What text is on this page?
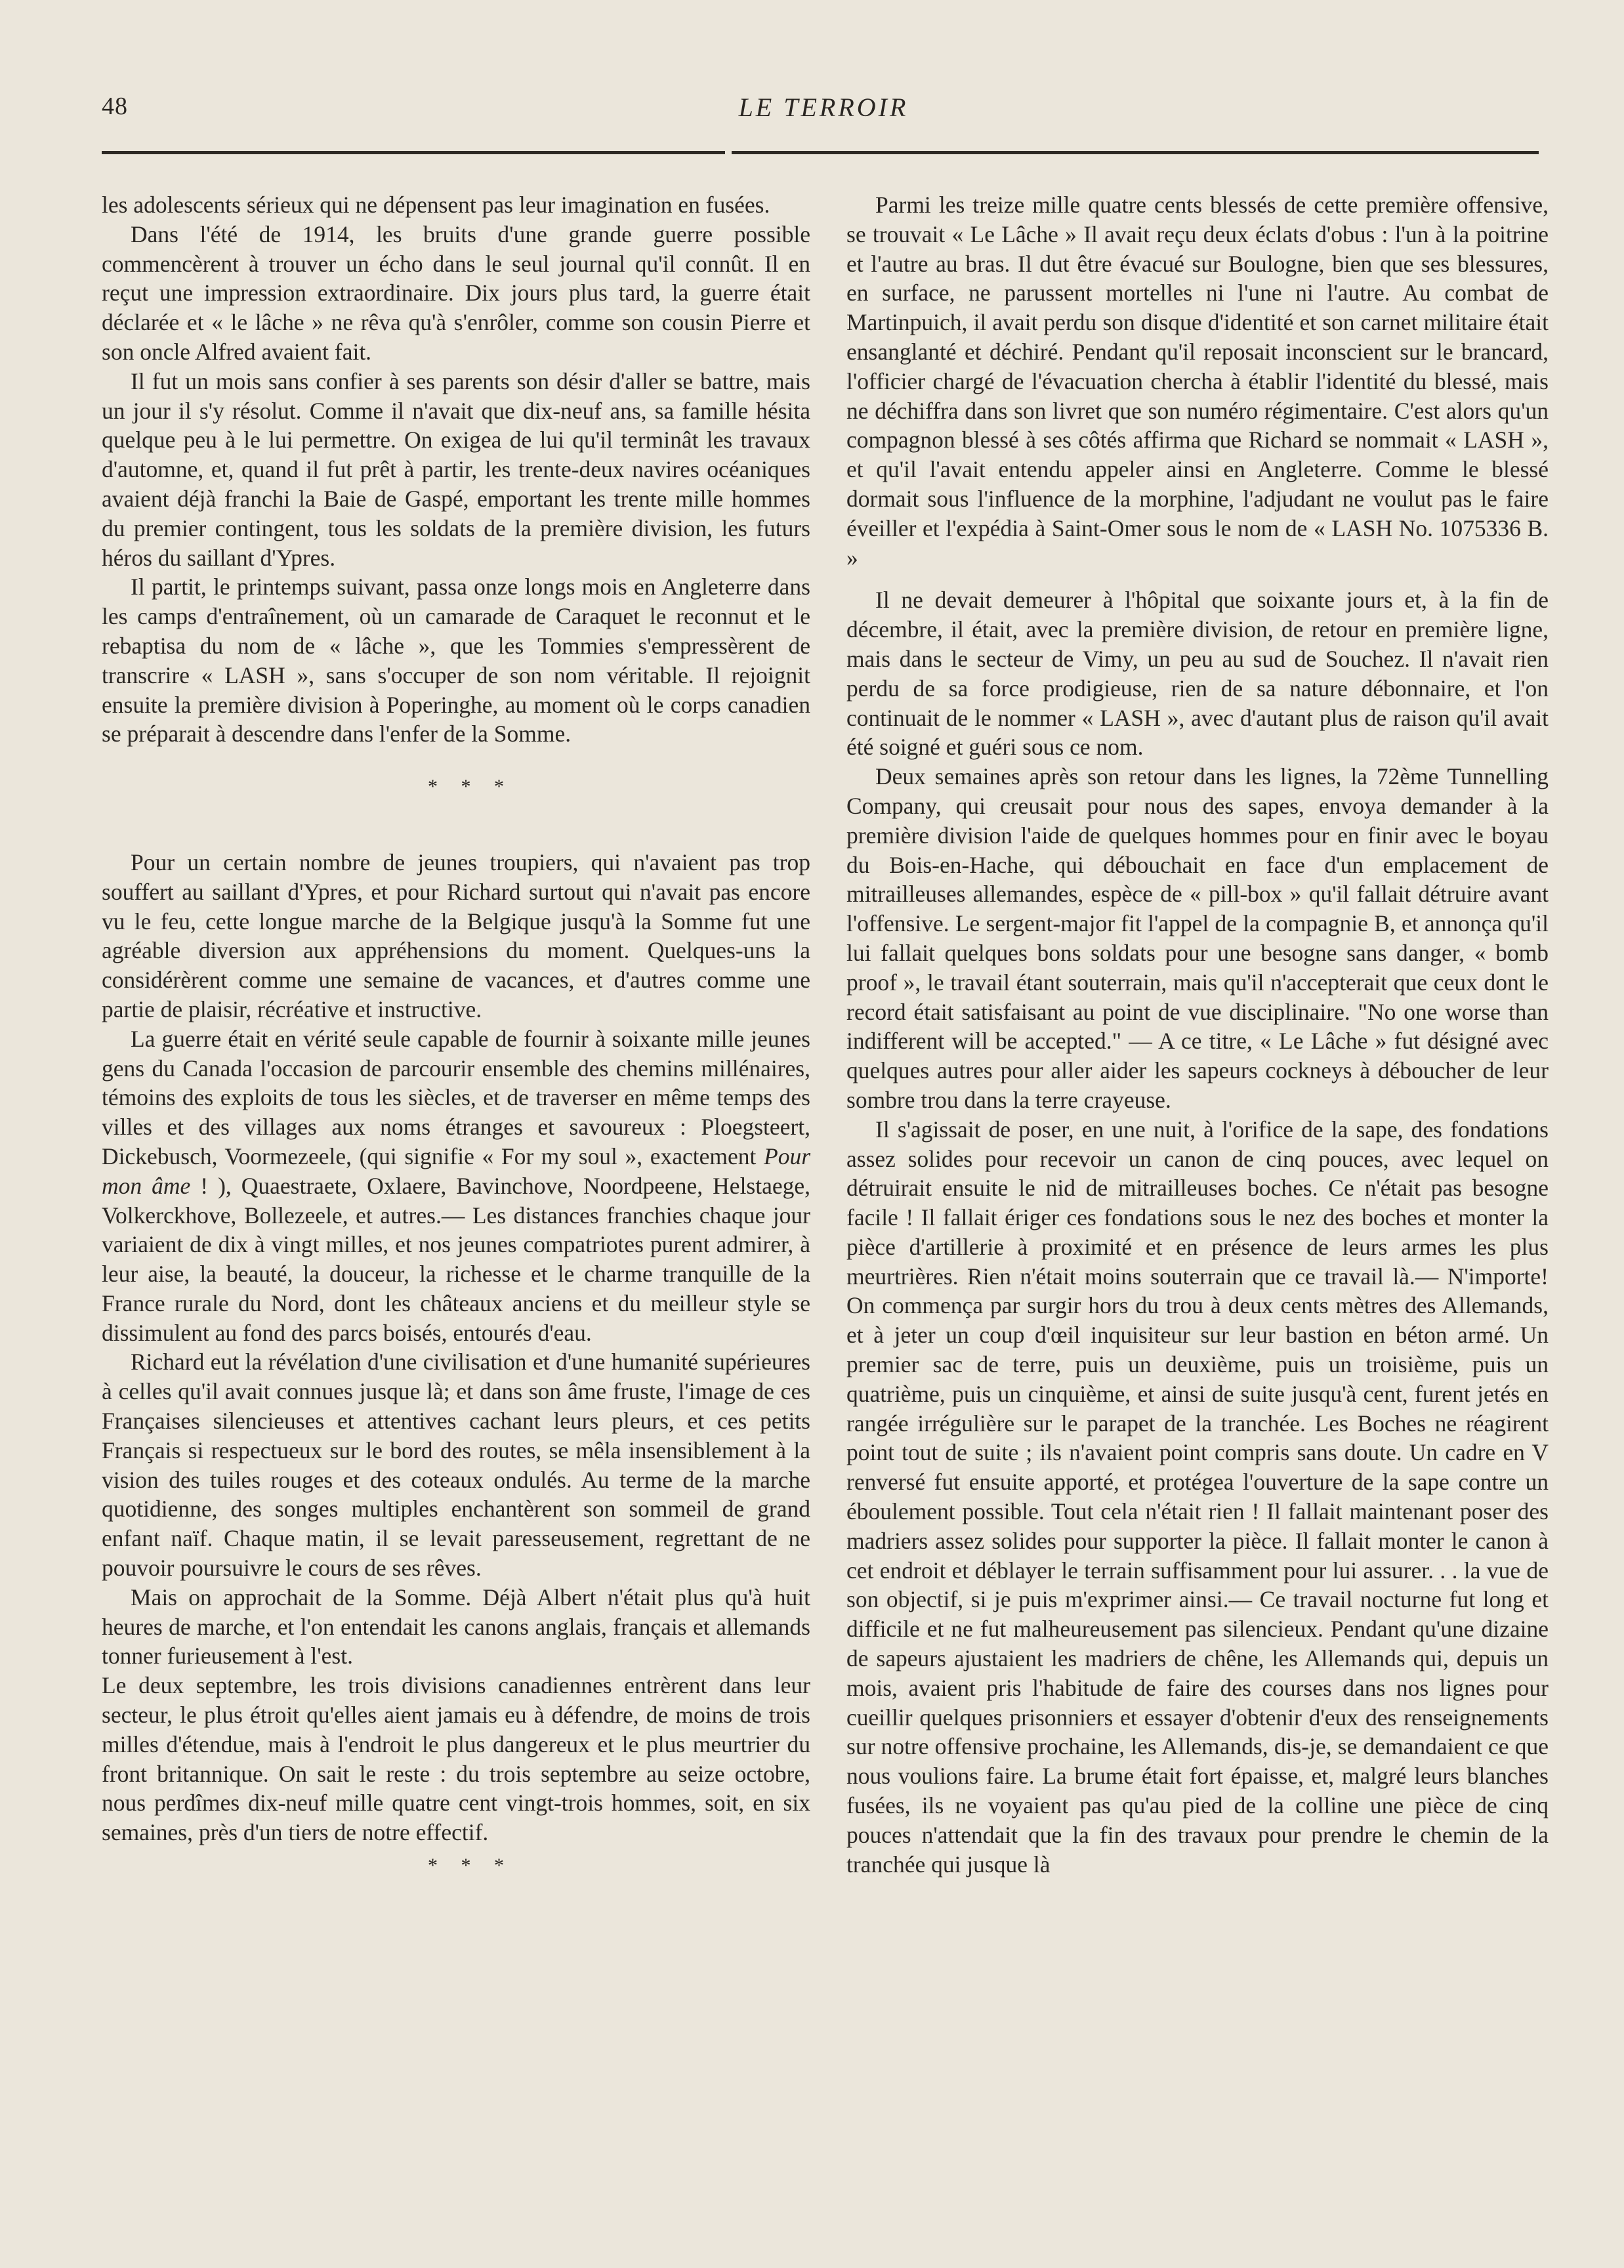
48	LE TERROIR

les adolescents sérieux qui ne dépensent pas leur imagination en fusées.

Dans l'été de 1914, les bruits d'une grande guerre possible commencèrent à trouver un écho dans le seul journal qu'il connût. Il en reçut une impression extraordinaire. Dix jours plus tard, la guerre était déclarée et « le lâche » ne rêva qu'à s'enrôler, comme son cousin Pierre et son oncle Alfred avaient fait.

Il fut un mois sans confier à ses parents son désir d'aller se battre, mais un jour il s'y résolut. Comme il n'avait que dix-neuf ans, sa famille hésita quelque peu à le lui permettre. On exigea de lui qu'il terminât les travaux d'automne, et, quand il fut prêt à partir, les trente-deux navires océaniques avaient déjà franchi la Baie de Gaspé, emportant les trente mille hommes du premier contingent, tous les soldats de la première division, les futurs héros du saillant d'Ypres.

Il partit, le printemps suivant, passa onze longs mois en Angleterre dans les camps d'entraînement, où un camarade de Caraquet le reconnut et le rebaptisa du nom de « lâche », que les Tommies s'empressèrent de transcrire « LASH », sans s'occuper de son nom véritable. Il rejoignit ensuite la première division à Poperinghe, au moment où le corps canadien se préparait à descendre dans l'enfer de la Somme.

* * *

Pour un certain nombre de jeunes troupiers, qui n'avaient pas trop souffert au saillant d'Ypres, et pour Richard surtout qui n'avait pas encore vu le feu, cette longue marche de la Belgique jusqu'à la Somme fut une agréable diversion aux appréhensions du moment. Quelques-uns la considérèrent comme une semaine de vacances, et d'autres comme une partie de plaisir, récréative et instructive.

La guerre était en vérité seule capable de fournir à soixante mille jeunes gens du Canada l'occasion de parcourir ensemble des chemins millénaires, témoins des exploits de tous les siècles, et de traverser en même temps des villes et des villages aux noms étranges et savoureux : Ploegsteert, Dickebusch, Voormezeele, (qui signifie « For my soul », exactement Pour mon âme ! ), Quaestraete, Oxlaere, Bavinchove, Noordpeene, Helstaege, Volkerckhove, Bollezeele, et autres.— Les distances franchies chaque jour variaient de dix à vingt milles, et nos jeunes compatriotes purent admirer, à leur aise, la beauté, la douceur, la richesse et le charme tranquille de la France rurale du Nord, dont les châteaux anciens et du meilleur style se dissimulent au fond des parcs boisés, entourés d'eau.

Richard eut la révélation d'une civilisation et d'une humanité supérieures à celles qu'il avait connues jusque là; et dans son âme fruste, l'image de ces Françaises silencieuses et attentives cachant leurs pleurs, et ces petits Français si respectueux sur le bord des routes, se mêla insensiblement à la vision des tuiles rouges et des coteaux ondulés. Au terme de la marche quotidienne, des songes multiples enchantèrent son sommeil de grand enfant naïf. Chaque matin, il se levait paresseusement, regrettant de ne pouvoir poursuivre le cours de ses rêves.

Mais on approchait de la Somme. Déjà Albert n'était plus qu'à huit heures de marche, et l'on entendait les canons anglais, français et allemands tonner furieusement à l'est.

Le deux septembre, les trois divisions canadiennes entrèrent dans leur secteur, le plus étroit qu'elles aient jamais eu à défendre, de moins de trois milles d'étendue, mais à l'endroit le plus dangereux et le plus meurtrier du front britannique. On sait le reste : du trois septembre au seize octobre, nous perdîmes dix-neuf mille quatre cent vingt-trois hommes, soit, en six semaines, près d'un tiers de notre effectif.

* * *

Parmi les treize mille quatre cents blessés de cette première offensive, se trouvait « Le Lâche » Il avait reçu deux éclats d'obus : l'un à la poitrine et l'autre au bras. Il dut être évacué sur Boulogne, bien que ses blessures, en surface, ne parussent mortelles ni l'une ni l'autre. Au combat de Martinpuich, il avait perdu son disque d'identité et son carnet militaire était ensanglanté et déchiré. Pendant qu'il reposait inconscient sur le brancard, l'officier chargé de l'évacuation chercha à établir l'identité du blessé, mais ne déchiffra dans son livret que son numéro régimentaire. C'est alors qu'un compagnon blessé à ses côtés affirma que Richard se nommait « LASH », et qu'il l'avait entendu appeler ainsi en Angleterre. Comme le blessé dormait sous l'influence de la morphine, l'adjudant ne voulut pas le faire éveiller et l'expédia à Saint-Omer sous le nom de « LASH No. 1075336 B. »

Il ne devait demeurer à l'hôpital que soixante jours et, à la fin de décembre, il était, avec la première division, de retour en première ligne, mais dans le secteur de Vimy, un peu au sud de Souchez. Il n'avait rien perdu de sa force prodigieuse, rien de sa nature débonnaire, et l'on continuait de le nommer « LASH », avec d'autant plus de raison qu'il avait été soigné et guéri sous ce nom.

Deux semaines après son retour dans les lignes, la 72ème Tunnelling Company, qui creusait pour nous des sapes, envoya demander à la première division l'aide de quelques hommes pour en finir avec le boyau du Bois-en-Hache, qui débouchait en face d'un emplacement de mitrailleuses allemandes, espèce de « pill-box » qu'il fallait détruire avant l'offensive. Le sergent-major fit l'appel de la compagnie B, et annonça qu'il lui fallait quelques bons soldats pour une besogne sans danger, « bomb proof », le travail étant souterrain, mais qu'il n'accepterait que ceux dont le record était satisfaisant au point de vue disciplinaire. "No one worse than indifferent will be accepted." — A ce titre, « Le Lâche » fut désigné avec quelques autres pour aller aider les sapeurs cockneys à déboucher de leur sombre trou dans la terre crayeuse.

Il s'agissait de poser, en une nuit, à l'orifice de la sape, des fondations assez solides pour recevoir un canon de cinq pouces, avec lequel on détruirait ensuite le nid de mitrailleuses boches. Ce n'était pas besogne facile ! Il fallait ériger ces fondations sous le nez des boches et monter la pièce d'artillerie à proximité et en présence de leurs armes les plus meurtrières. Rien n'était moins souterrain que ce travail là.— N'importe! On commença par surgir hors du trou à deux cents mètres des Allemands, et à jeter un coup d'œil inquisiteur sur leur bastion en béton armé. Un premier sac de terre, puis un deuxième, puis un troisième, puis un quatrième, puis un cinquième, et ainsi de suite jusqu'à cent, furent jetés en rangée irrégulière sur le parapet de la tranchée. Les Boches ne réagirent point tout de suite ; ils n'avaient point compris sans doute. Un cadre en V renversé fut ensuite apporté, et protégea l'ouverture de la sape contre un éboulement possible. Tout cela n'était rien ! Il fallait maintenant poser des madriers assez solides pour supporter la pièce. Il fallait monter le canon à cet endroit et déblayer le terrain suffisamment pour lui assurer. . . la vue de son objectif, si je puis m'exprimer ainsi.— Ce travail nocturne fut long et difficile et ne fut malheureusement pas silencieux. Pendant qu'une dizaine de sapeurs ajustaient les madriers de chêne, les Allemands qui, depuis un mois, avaient pris l'habitude de faire des courses dans nos lignes pour cueillir quelques prisonniers et essayer d'obtenir d'eux des renseignements sur notre offensive prochaine, les Allemands, dis-je, se demandaient ce que nous voulions faire. La brume était fort épaisse, et, malgré leurs blanches fusées, ils ne voyaient pas qu'au pied de la colline une pièce de cinq pouces n'attendait que la fin des travaux pour prendre le chemin de la tranchée qui jusque là
